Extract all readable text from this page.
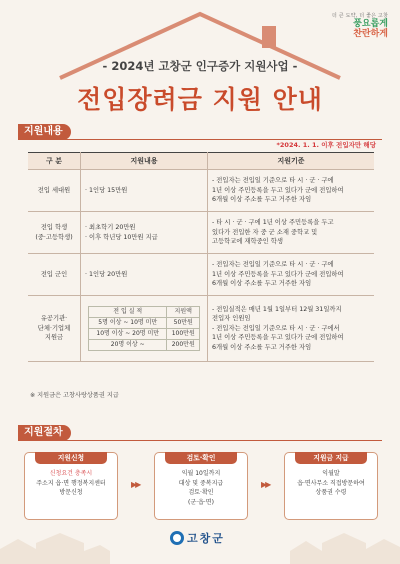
더 큰 도약, 더 좋은 고창
풍요롭게
찬란하게
- 2024년 고창군 인구증가 지원사업 -
전입장려금 지원 안내
지원내용
*2024. 1. 1. 이후 전입자만 해당
구 분	지원내용	지원기준
전입 세대원	· 1인당 15만원	- 전입자는 전입일 기준으로 타 시 · 군 · 구에
1년 이상 주민등록을 두고 있다가 군에 전입하여
6개월 이상 주소를 두고 거주한 자임
전입 학생
(중·고등학생)	· 최초학기 20만원
· 이후 학년당 10만원 지급	- 타 시 · 군 · 구에 1년 이상 주민등록을 두고
있다가 전입한 자 중 군 소재 중학교 및
고등학교에 재학중인 학생
전입 군인	· 1인당 20만원	- 전입자는 전입일 기준으로 타 시 · 군 · 구에
1년 이상 주민등록을 두고 있다가 군에 전입하여
6개월 이상 주소를 두고 거주한 자임
유공기관·
단체·기업체
지원금	
전 입 실 적	지원액
5명 이상 ~ 10명 미만	50만원
10명 이상 ~ 20명 미만	100만원
20명 이상 ~	200만원
	- 전입실적은 매년 1월 1일부터 12월 31일까지
전입자 인원임
- 전입자는 전입일 기준으로 타 시 · 군 · 구에서
1년 이상 주민등록을 두고 있다가 군에 전입하여
6개월 이상 주소를 두고 거주한 자임
※ 지원금은 고창사랑상품권 지급
지원절차
지원신청
신청요건 충족시
주소지 읍·면 행정복지센터
방문신청
▶▶
검토·확인
익월 10일까지
대상 및 중복지급
검토·확인
(군·읍·면)
▶▶
지원금 지급
익월말
읍·면사무소 직접방문하여
상품권 수령
고창군
